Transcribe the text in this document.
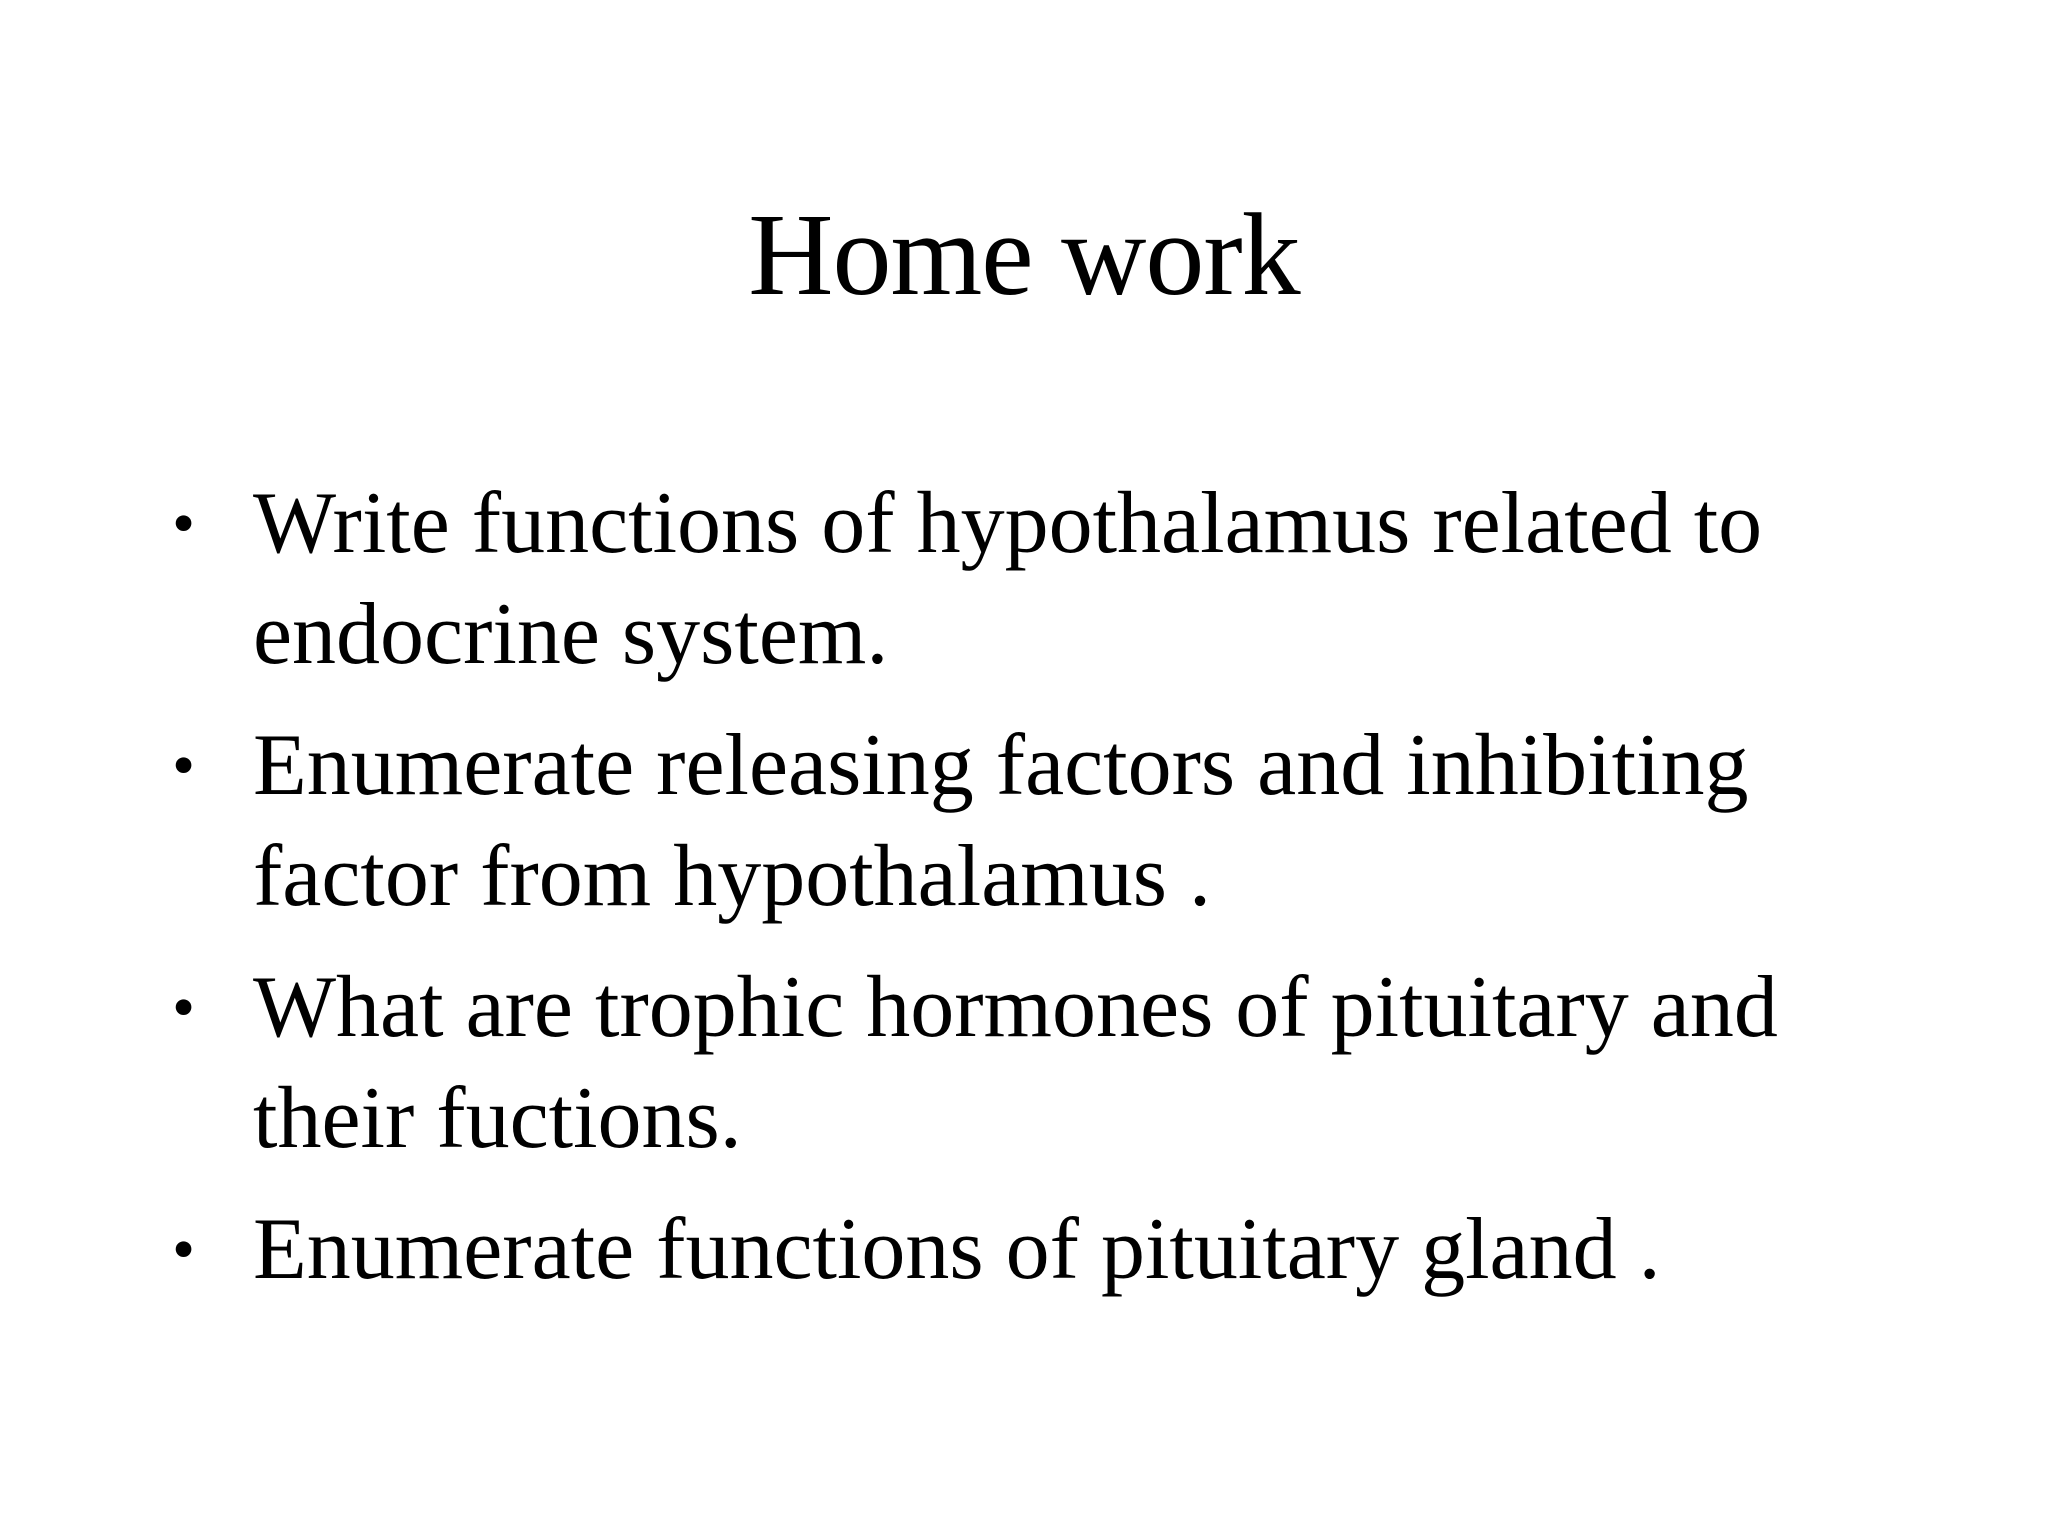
Home work
• Write functions of hypothalamus related to endocrine system.
• Enumerate releasing factors and inhibiting factor from hypothalamus .
• What are trophic hormones of pituitary and their fuctions.
• Enumerate functions of pituitary gland .
